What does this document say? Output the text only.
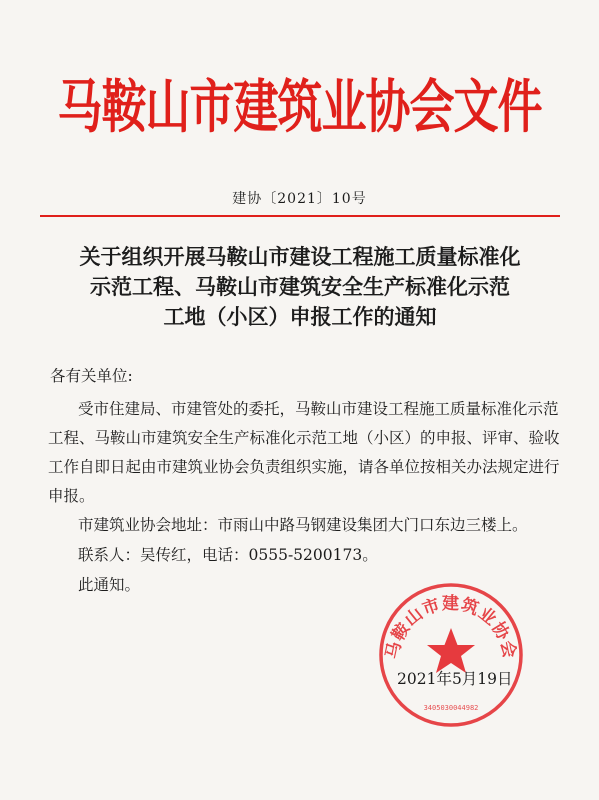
马鞍山市建筑业协会文件
建协〔2021〕10号
关于组织开展马鞍山市建设工程施工质量标准化
示范工程、马鞍山市建筑安全生产标准化示范
工地（小区）申报工作的通知
各有关单位:
受市住建局、市建管处的委托，马鞍山市建设工程施工质量标准化示范
工程、马鞍山市建筑安全生产标准化示范工地（小区）的申报、评审、验收
工作自即日起由市建筑业协会负责组织实施，请各单位按相关办法规定进行
申报。
市建筑业协会地址：市雨山中路马钢建设集团大门口东边三楼上。
联系人：吴传红，电话：0555-5200173。
此通知。
马鞍山市建筑业协会
3405030044982
2021年5月19日
